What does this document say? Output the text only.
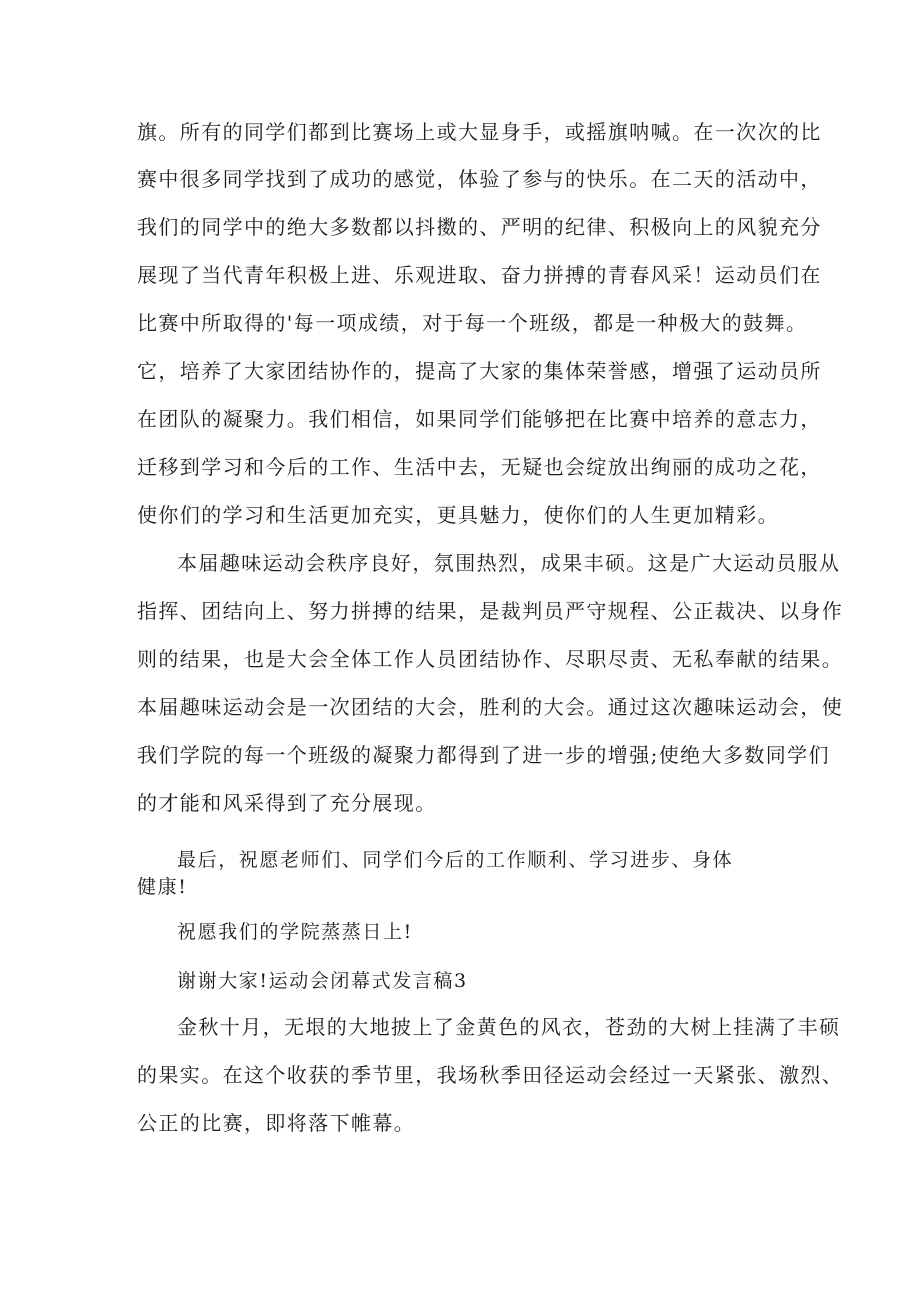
旗。所有的同学们都到比赛场上或大显身手，或摇旗呐喊。在一次次的比
赛中很多同学找到了成功的感觉，体验了参与的快乐。在二天的活动中，
我们的同学中的绝大多数都以抖擞的、严明的纪律、积极向上的风貌充分
展现了当代青年积极上进、乐观进取、奋力拼搏的青春风采！运动员们在
比赛中所取得的'每一项成绩，对于每一个班级，都是一种极大的鼓舞。
它，培养了大家团结协作的，提高了大家的集体荣誉感，增强了运动员所
在团队的凝聚力。我们相信，如果同学们能够把在比赛中培养的意志力，
迁移到学习和今后的工作、生活中去，无疑也会绽放出绚丽的成功之花，
使你们的学习和生活更加充实，更具魅力，使你们的人生更加精彩。
本届趣味运动会秩序良好，氛围热烈，成果丰硕。这是广大运动员服从
指挥、团结向上、努力拼搏的结果，是裁判员严守规程、公正裁决、以身作
则的结果，也是大会全体工作人员团结协作、尽职尽责、无私奉献的结果。
本届趣味运动会是一次团结的大会，胜利的大会。通过这次趣味运动会，使
我们学院的每一个班级的凝聚力都得到了进一步的增强;使绝大多数同学们
的才能和风采得到了充分展现。
最后，祝愿老师们、同学们今后的工作顺利、学习进步、身体
健康!
祝愿我们的学院蒸蒸日上!
谢谢大家!运动会闭幕式发言稿3
金秋十月，无垠的大地披上了金黄色的风衣，苍劲的大树上挂满了丰硕
的果实。在这个收获的季节里，我场秋季田径运动会经过一天紧张、激烈、
公正的比赛，即将落下帷幕。
